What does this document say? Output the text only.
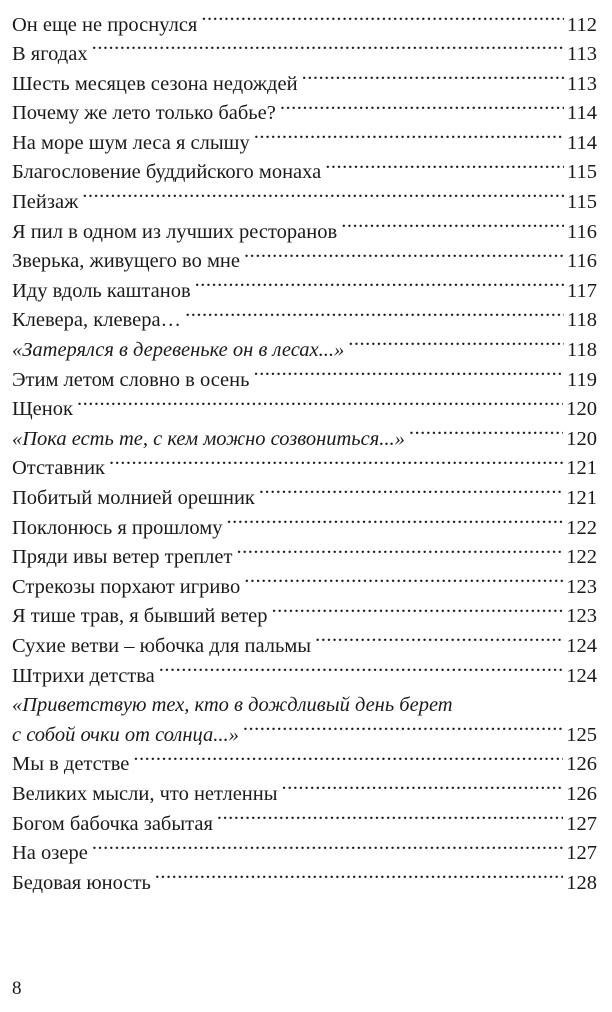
Он еще не проснулся .....	112
В ягодах .....	113
Шесть месяцев сезона недождей .....	113
Почему же лето только бабье? .....	114
На море шум леса я слышу .....	114
Благословение буддийского монаха .....	115
Пейзаж .....	115
Я пил в одном из лучших ресторанов .....	116
Зверька, живущего во мне .....	116
Иду вдоль каштанов .....	117
Клевера, клевера… .....	118
«Затерялся в деревеньке он в лесах...» .....	118
Этим летом словно в осень .....	119
Щенок .....	120
«Пока есть те, с кем можно созвониться...» .....	120
Отставник .....	121
Побитый молнией орешник .....	121
Поклонюсь я прошлому .....	122
Пряди ивы ветер треплет .....	122
Стрекозы порхают игриво .....	123
Я тише трав, я бывший ветер .....	123
Сухие ветви – юбочка для пальмы .....	124
Штрихи детства .....	124
«Приветствую тех, кто в дождливый день берет
с собой очки от солнца...» .....	125
Мы в детстве .....	126
Великих мысли, что нетленны .....	126
Богом бабочка забытая .....	127
На озере .....	127
Бедовая юность .....	128
8
